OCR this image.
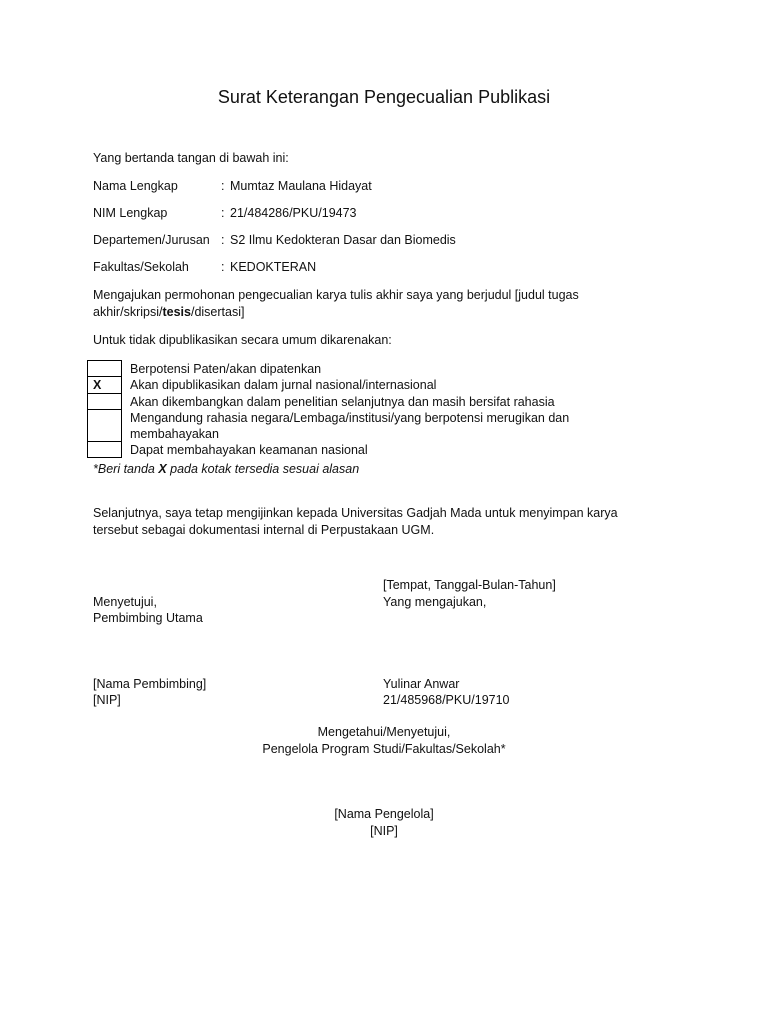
Surat Keterangan Pengecualian Publikasi
Yang bertanda tangan di bawah ini:
Nama Lengkap	: Mumtaz Maulana Hidayat
NIM Lengkap	: 21/484286/PKU/19473
Departemen/Jurusan : S2 Ilmu Kedokteran Dasar dan Biomedis
Fakultas/Sekolah	: KEDOKTERAN
Mengajukan permohonan pengecualian karya tulis akhir saya yang berjudul [judul tugas
akhir/skripsi/tesis/disertasi]
Untuk tidak dipublikasikan secara umum dikarenakan:
	Berpotensi Paten/akan dipatenkan
X	Akan dipublikasikan dalam jurnal nasional/internasional
	Akan dikembangkan dalam penelitian selanjutnya dan masih bersifat rahasia

	Mengandung rahasia negara/Lembaga/institusi/yang berpotensi merugikan dan
membahayakan

	Dapat membahayakan keamanan nasional
*Beri tanda X pada kotak tersedia sesuai alasan
Selanjutnya, saya tetap mengijinkan kepada Universitas Gadjah Mada untuk menyimpan karya
tersebut sebagai dokumentasi internal di Perpustakaan UGM.
[Tempat, Tanggal-Bulan-Tahun]
Menyetujui,	Yang mengajukan,
Pembimbing Utama
[Nama Pembimbing]	Yulinar Anwar
[NIP]	21/485968/PKU/19710
Mengetahui/Menyetujui,
Pengelola Program Studi/Fakultas/Sekolah*
[Nama Pengelola]
[NIP]
